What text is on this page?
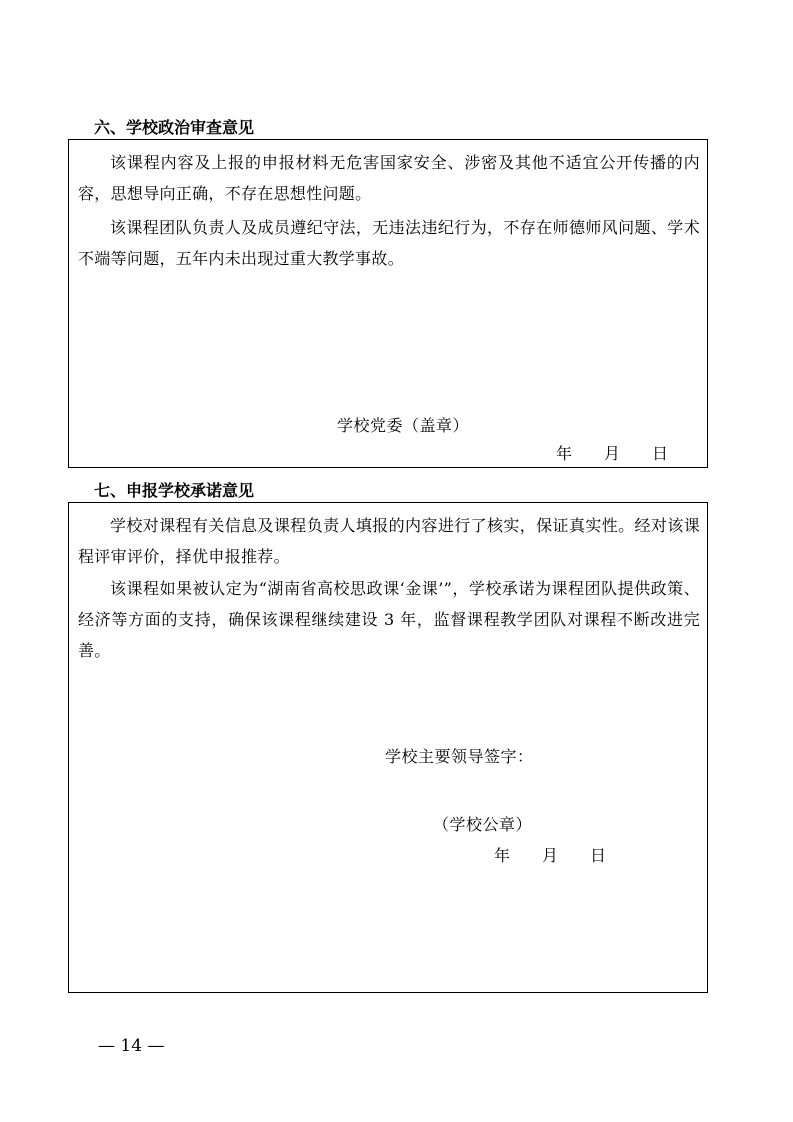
六、学校政治审查意见

该课程内容及上报的申报材料无危害国家安全、涉密及其他不适宜公开传播的内容，思想导向正确，不存在思想性问题。

该课程团队负责人及成员遵纪守法，无违法违纪行为，不存在师德师风问题、学术不端等问题，五年内未出现过重大教学事故。

学校党委（盖章）
年 月 日
七、申报学校承诺意见

学校对课程有关信息及课程负责人填报的内容进行了核实，保证真实性。经对该课程评审评价，择优申报推荐。

该课程如果被认定为“湖南省高校思政课‘金课’”，学校承诺为课程团队提供政策、经济等方面的支持，确保该课程继续建设 3 年，监督课程教学团队对课程不断改进完善。

学校主要领导签字：
（学校公章）
年 月 日
— 14 —
